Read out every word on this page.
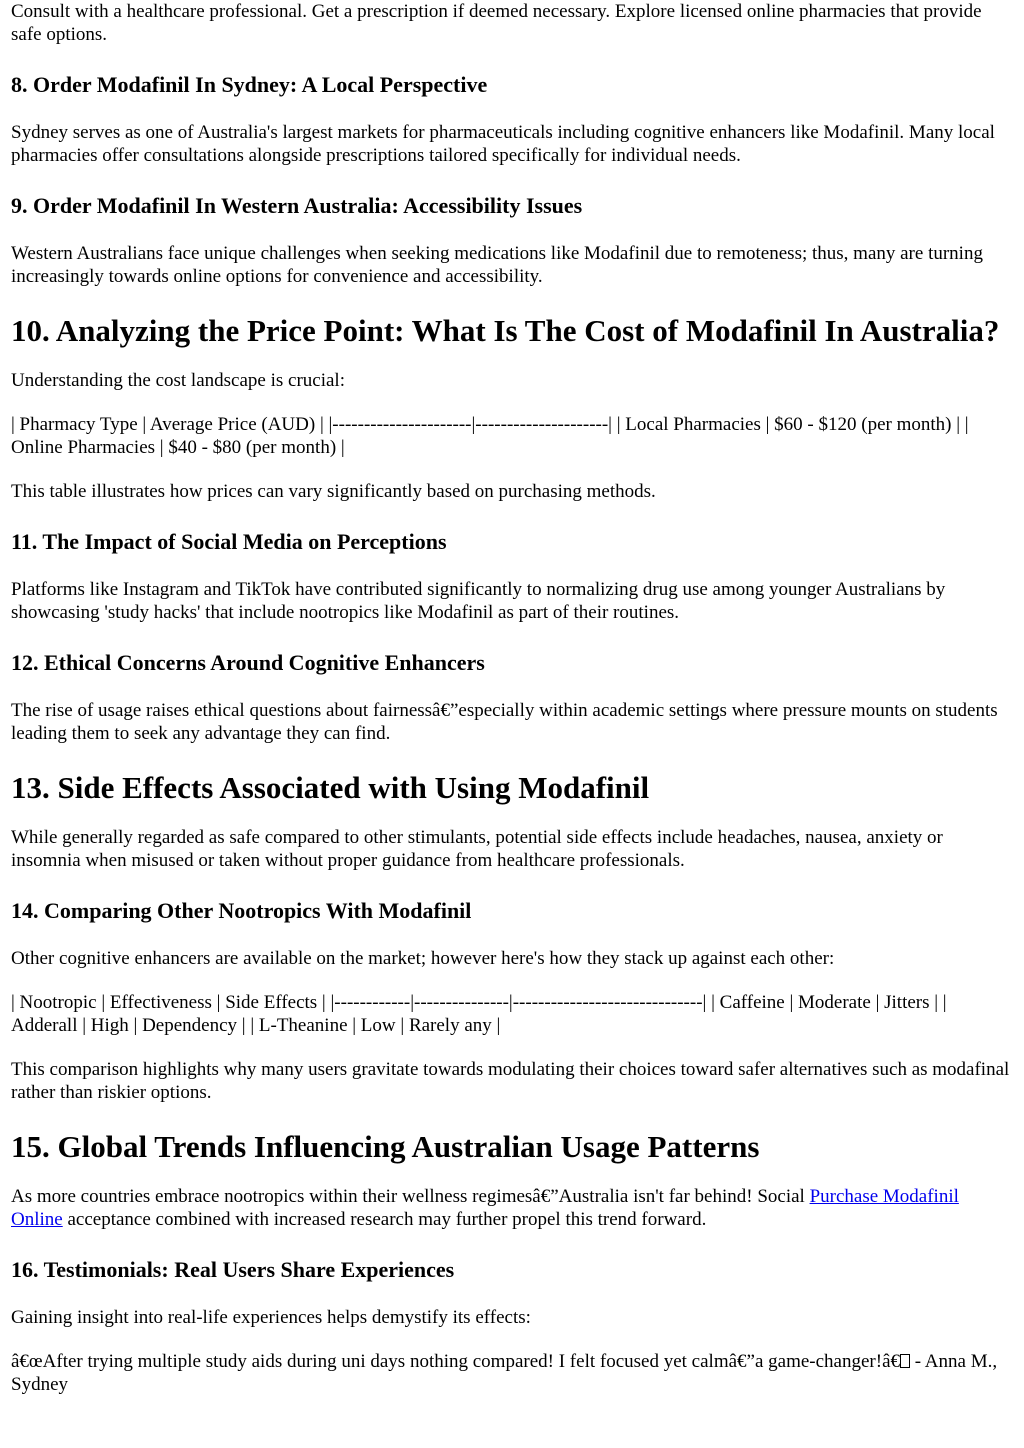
Consult with a healthcare professional. Get a prescription if deemed necessary. Explore licensed online pharmacies that provide safe options.

8. Order Modafinil In Sydney: A Local Perspective

Sydney serves as one of Australia's largest markets for pharmaceuticals including cognitive enhancers like Modafinil. Many local pharmacies offer consultations alongside prescriptions tailored specifically for individual needs.

9. Order Modafinil In Western Australia: Accessibility Issues

Western Australians face unique challenges when seeking medications like Modafinil due to remoteness; thus, many are turning increasingly towards online options for convenience and accessibility.

10. Analyzing the Price Point: What Is The Cost of Modafinil In Australia?

Understanding the cost landscape is crucial:

| Pharmacy Type | Average Price (AUD) | |----------------------|---------------------| | Local Pharmacies | $60 - $120 (per month) | | Online Pharmacies | $40 - $80 (per month) |

This table illustrates how prices can vary significantly based on purchasing methods.

11. The Impact of Social Media on Perceptions

Platforms like Instagram and TikTok have contributed significantly to normalizing drug use among younger Australians by showcasing 'study hacks' that include nootropics like Modafinil as part of their routines.

12. Ethical Concerns Around Cognitive Enhancers

The rise of usage raises ethical questions about fairnessâ€”especially within academic settings where pressure mounts on students leading them to seek any advantage they can find.

13. Side Effects Associated with Using Modafinil

While generally regarded as safe compared to other stimulants, potential side effects include headaches, nausea, anxiety or insomnia when misused or taken without proper guidance from healthcare professionals.

14. Comparing Other Nootropics With Modafinil

Other cognitive enhancers are available on the market; however here's how they stack up against each other:

| Nootropic | Effectiveness | Side Effects | |------------|---------------|------------------------------| | Caffeine | Moderate | Jitters | | Adderall | High | Dependency | | L-Theanine | Low | Rarely any |

This comparison highlights why many users gravitate towards modulating their choices toward safer alternatives such as modafinal rather than riskier options.

15. Global Trends Influencing Australian Usage Patterns

As more countries embrace nootropics within their wellness regimesâ€”Australia isn't far behind! Social Purchase Modafinil Online acceptance combined with increased research may further propel this trend forward.

16. Testimonials: Real Users Share Experiences

Gaining insight into real-life experiences helps demystify its effects:

â€œAfter trying multiple study aids during uni days nothing compared! I felt focused yet calmâ€”a game-changer!â€ - Anna M., Sydney
